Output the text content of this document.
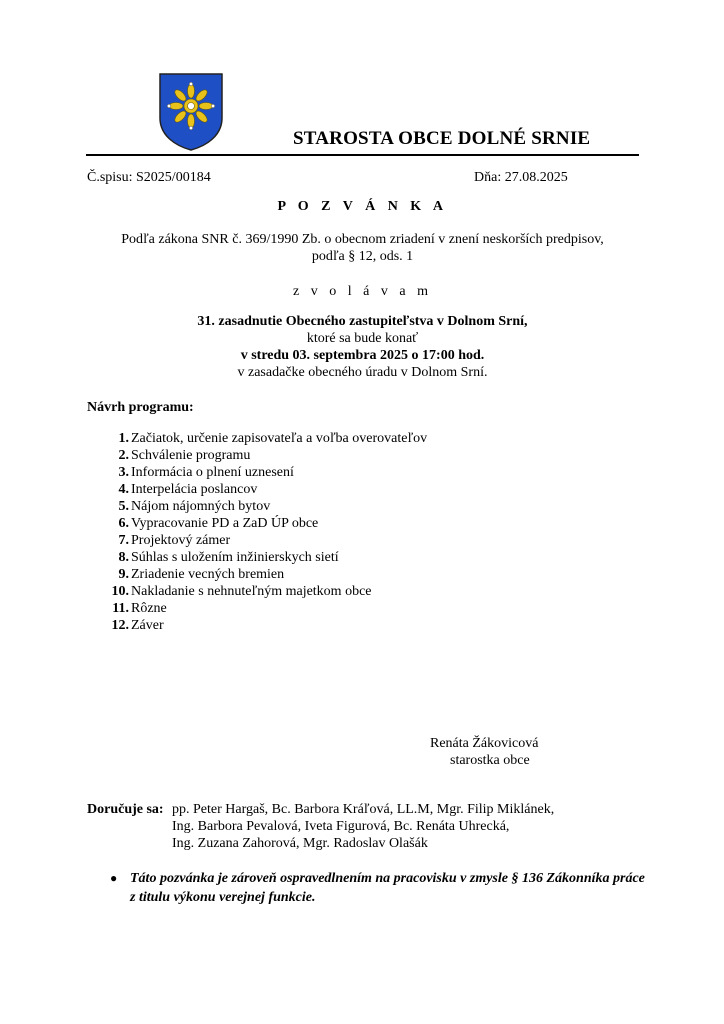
STAROSTA OBCE DOLNÉ SRNIE
Č.spisu: S2025/00184	Dňa: 27.08.2025
P O Z V Á N K A
Podľa zákona SNR č. 369/1990 Zb. o obecnom zriadení v znení neskorších predpisov,
podľa § 12, ods. 1
z v o l á v a m
31. zasadnutie Obecného zastupiteľstva v Dolnom Srní,
ktoré sa bude konať
v stredu 03. septembra 2025 o 17:00 hod.
v zasadačke obecného úradu v Dolnom Srní.
Návrh programu:
1. Začiatok, určenie zapisovateľa a voľba overovateľov
2. Schválenie programu
3. Informácia o plnení uznesení
4. Interpelácia poslancov
5. Nájom nájomných bytov
6. Vypracovanie PD a ZaD ÚP obce
7. Projektový zámer
8. Súhlas s uložením inžinierskych sietí
9. Zriadenie vecných bremien
10. Nakladanie s nehnuteľným majetkom obce
11. Rôzne
12. Záver
Renáta Žákovicová
starostka obce
Doručuje sa: pp. Peter Hargaš, Bc. Barbora Kráľová, LL.M, Mgr. Filip Miklánek,
Ing. Barbora Pevalová, Iveta Figurová, Bc. Renáta Uhrecká,
Ing. Zuzana Zahorová, Mgr. Radoslav Olašák
● Táto pozvánka je zároveň ospravedlnením na pracovisku v zmysle § 136 Zákonníka práce z titulu výkonu verejnej funkcie.
